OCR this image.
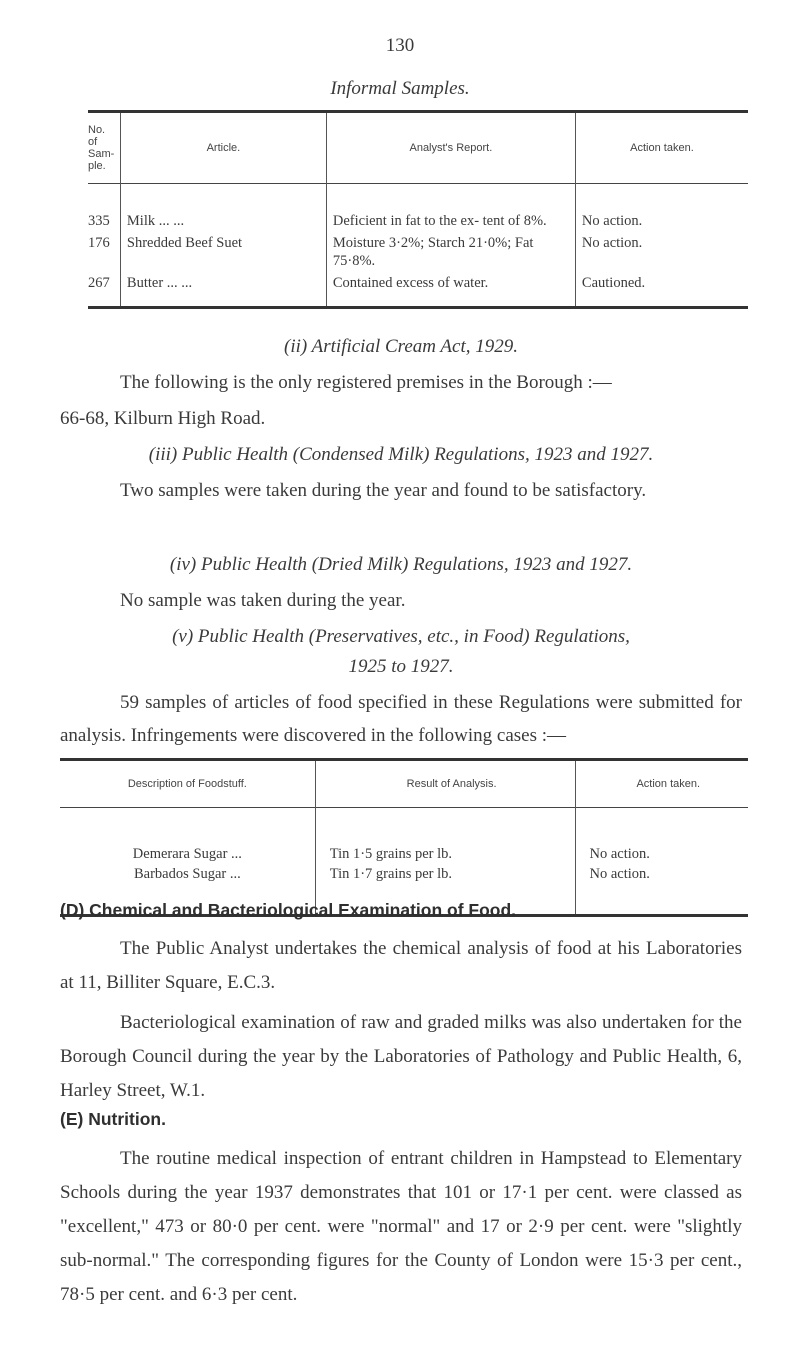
130
Informal Samples.
No. of Sam- ple.	Article.	Analyst's Report.	Action taken.
335	Milk ... ...	Deficient in fat to the ex- tent of 8%.	No action.
176	Shredded Beef Suet	Moisture 3·2%; Starch 21·0%; Fat 75·8%.	No action.
267	Butter ... ...	Contained excess of water.	Cautioned.

(ii) Artificial Cream Act, 1929.

The following is the only registered premises in the Borough :—

66-68, Kilburn High Road.

(iii) Public Health (Condensed Milk) Regulations, 1923 and 1927.

Two samples were taken during the year and found to be satisfactory.

(iv) Public Health (Dried Milk) Regulations, 1923 and 1927.

No sample was taken during the year.

(v) Public Health (Preservatives, etc., in Food) Regulations,

1925 to 1927.

59 samples of articles of food specified in these Regulations were submitted for analysis. Infringements were discovered in the following cases :—

Description of Foodstuff.	Result of Analysis.	Action taken.
Demerara Sugar ...	Tin 1·5 grains per lb.	No action.
Barbados Sugar ...	Tin 1·7 grains per lb.	No action.
(D) Chemical and Bacteriological Examination of Food.

The Public Analyst undertakes the chemical analysis of food at his Laboratories at 11, Billiter Square, E.C.3.

Bacteriological examination of raw and graded milks was also undertaken for the Borough Council during the year by the Laboratories of Pathology and Public Health, 6, Harley Street, W.1.

(E) Nutrition.

The routine medical inspection of entrant children in Hampstead to Elementary Schools during the year 1937 demonstrates that 101 or 17·1 per cent. were classed as "excellent," 473 or 80·0 per cent. were "normal" and 17 or 2·9 per cent. were "slightly sub-normal." The corresponding figures for the County of London were 15·3 per cent., 78·5 per cent. and 6·3 per cent.
